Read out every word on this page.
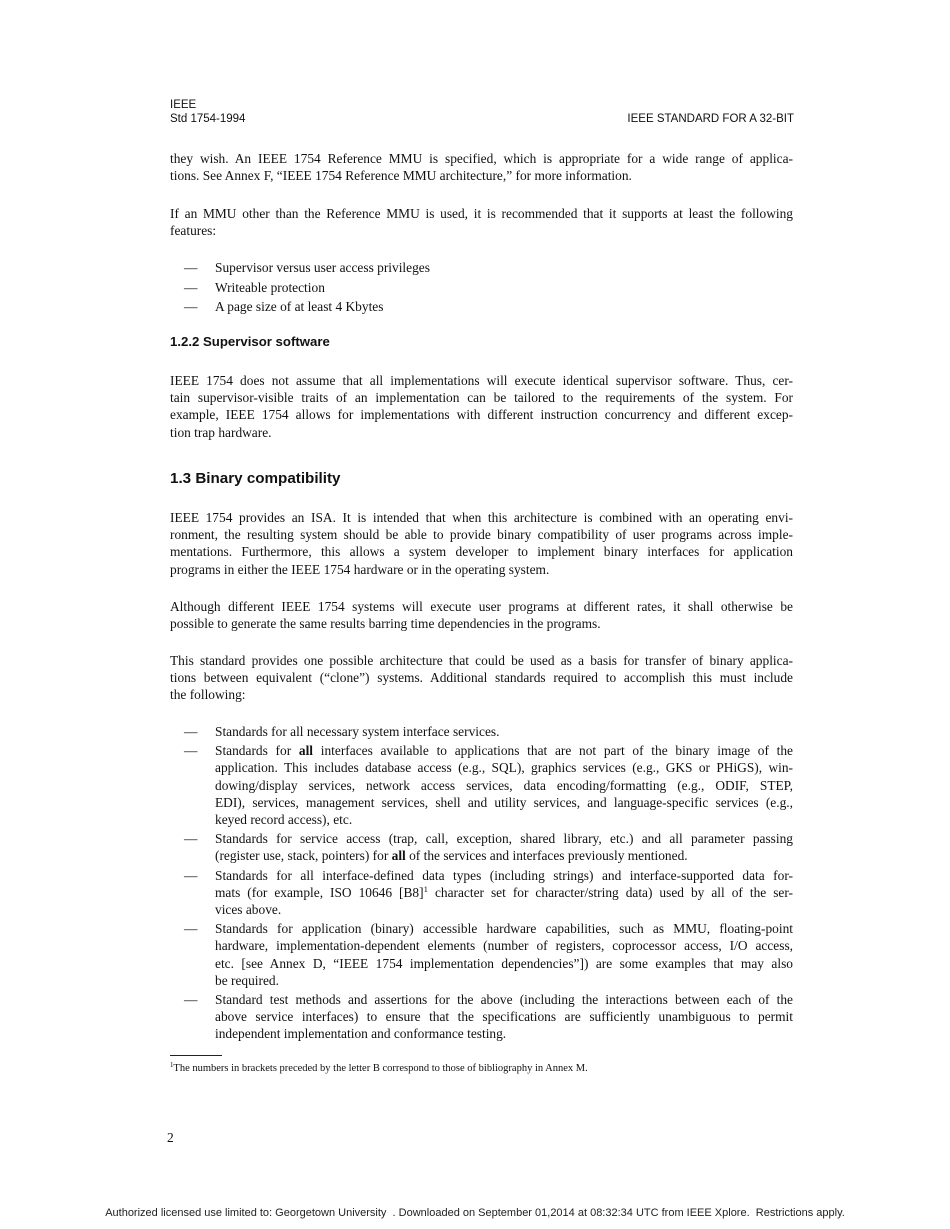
IEEE
Std 1754-1994	IEEE STANDARD FOR A 32-BIT

they wish. An IEEE 1754 Reference MMU is specified, which is appropriate for a wide range of applica-
tions. See Annex F, “IEEE 1754 Reference MMU architecture,” for more information.

If an MMU other than the Reference MMU is used, it is recommended that it supports at least the following
features:

— Supervisor versus user access privileges
— Writeable protection
— A page size of at least 4 Kbytes
1.2.2 Supervisor software

IEEE 1754 does not assume that all implementations will execute identical supervisor software. Thus, cer-
tain supervisor-visible traits of an implementation can be tailored to the requirements of the system. For
example, IEEE 1754 allows for implementations with different instruction concurrency and different excep-
tion trap hardware.

1.3 Binary compatibility

IEEE 1754 provides an ISA. It is intended that when this architecture is combined with an operating envi-
ronment, the resulting system should be able to provide binary compatibility of user programs across imple-
mentations. Furthermore, this allows a system developer to implement binary interfaces for application
programs in either the IEEE 1754 hardware or in the operating system.

Although different IEEE 1754 systems will execute user programs at different rates, it shall otherwise be
possible to generate the same results barring time dependencies in the programs.

This standard provides one possible architecture that could be used as a basis for transfer of binary applica-
tions between equivalent (“clone”) systems. Additional standards required to accomplish this must include
the following:

— Standards for all necessary system interface services.
— Standards for all interfaces available to applications that are not part of the binary image of the
application. This includes database access (e.g., SQL), graphics services (e.g., GKS or PHiGS), win-
dowing/display services, network access services, data encoding/formatting (e.g., ODIF, STEP,
EDI), services, management services, shell and utility services, and language-specific services (e.g.,
keyed record access), etc.
— Standards for service access (trap, call, exception, shared library, etc.) and all parameter passing
(register use, stack, pointers) for all of the services and interfaces previously mentioned.
— Standards for all interface-defined data types (including strings) and interface-supported data for-
mats (for example, ISO 10646 $[B8]^1$ character set for character/string data) used by all of the ser-
vices above.
— Standards for application (binary) accessible hardware capabilities, such as MMU, floating-point
hardware, implementation-dependent elements (number of registers, coprocessor access, I/O access,
etc. [see Annex D, “IEEE 1754 implementation dependencies”]) are some examples that may also
be required.
— Standard test methods and assertions for the above (including the interactions between each of the
above service interfaces) to ensure that the specifications are sufficiently unambiguous to permit
independent implementation and conformance testing.
$^1$The numbers in brackets preceded by the letter B correspond to those of bibliography in Annex M.
2
Authorized licensed use limited to: Georgetown University  . Downloaded on September 01,2014 at 08:32:34 UTC from IEEE Xplore.  Restrictions apply.
